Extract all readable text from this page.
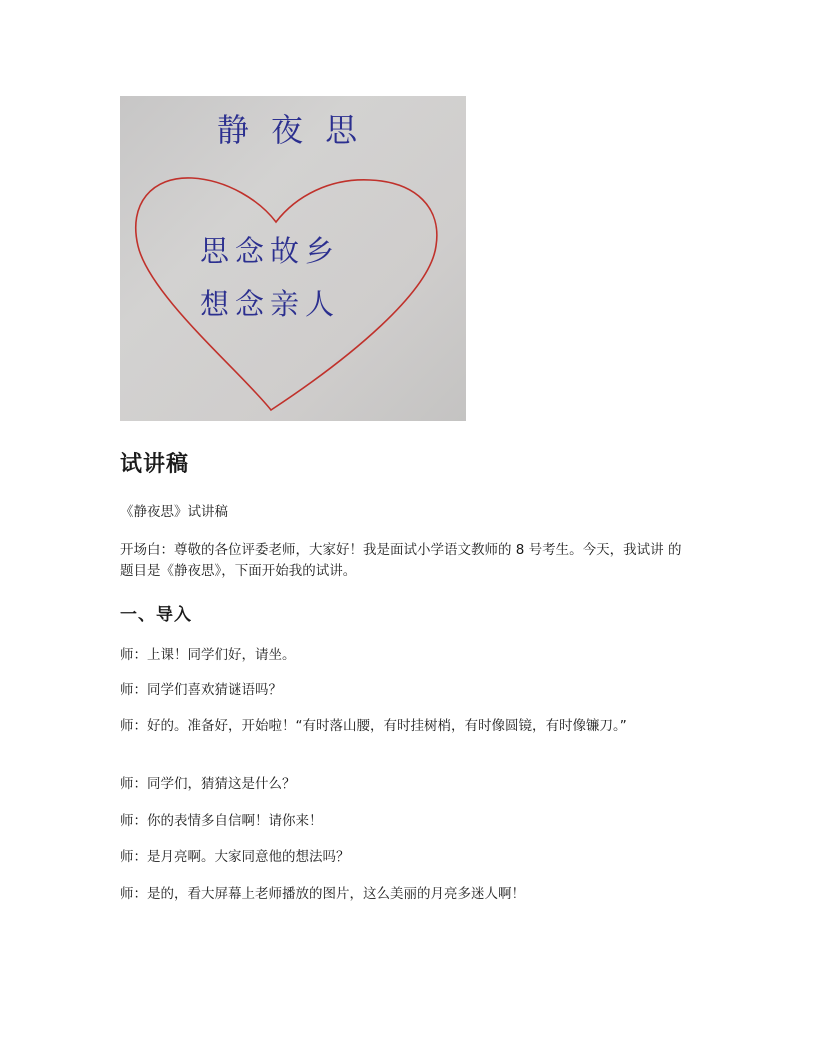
静 夜 思
思念故乡
想念亲人
试讲稿

《静夜思》试讲稿

开场白：尊敬的各位评委老师，大家好！我是面试小学语文教师的 8 号考生。今天，我试讲 的题目是《静夜思》，下面开始我的试讲。

一、导入

师：上课！同学们好，请坐。

师：同学们喜欢猜谜语吗？

师：好的。准备好，开始啦！“有时落山腰，有时挂树梢，有时像圆镜，有时像镰刀。”

师：同学们，猜猜这是什么？

师：你的表情多自信啊！请你来！

师：是月亮啊。大家同意他的想法吗？

师：是的，看大屏幕上老师播放的图片，这么美丽的月亮多迷人啊！
